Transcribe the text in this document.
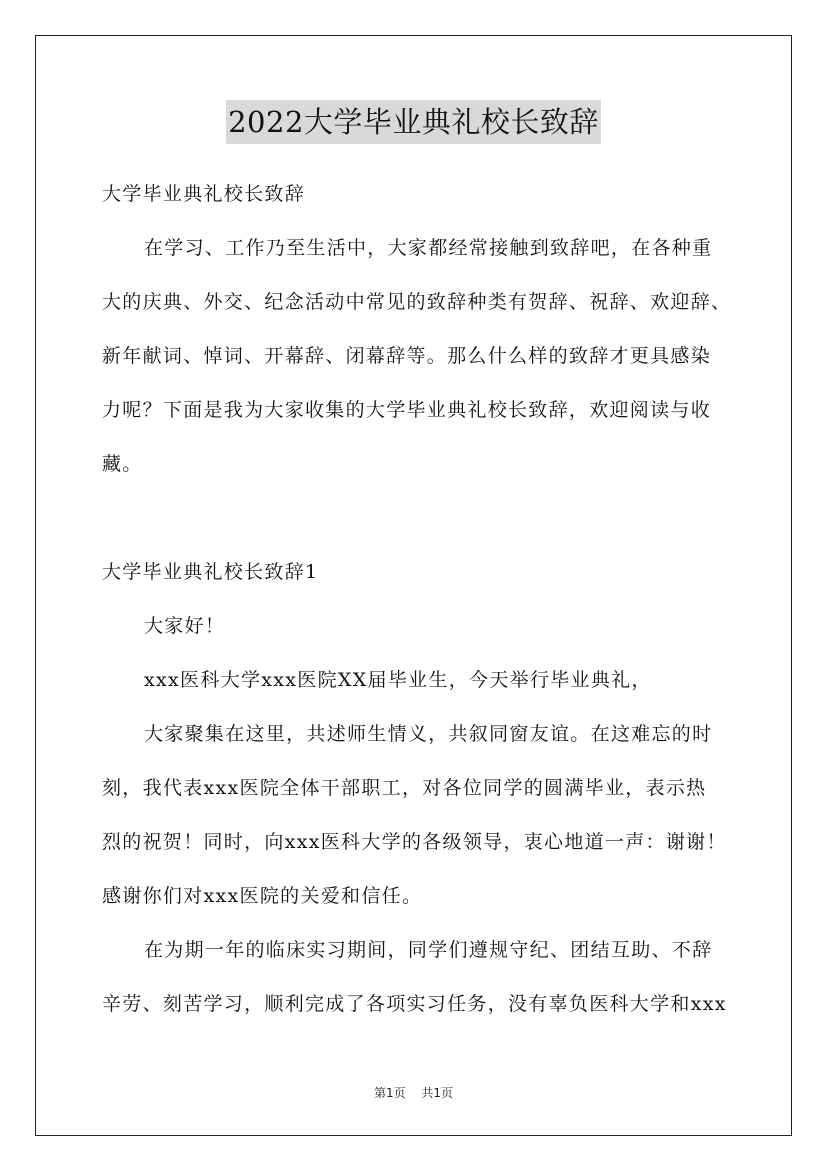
2022大学毕业典礼校长致辞
大学毕业典礼校长致辞
在学习、工作乃至生活中，大家都经常接触到致辞吧，在各种重
大的庆典、外交、纪念活动中常见的致辞种类有贺辞、祝辞、欢迎辞、
新年献词、悼词、开幕辞、闭幕辞等。那么什么样的致辞才更具感染
力呢？下面是我为大家收集的大学毕业典礼校长致辞，欢迎阅读与收
藏。
大学毕业典礼校长致辞1
大家好！
xxx医科大学xxx医院XX届毕业生，今天举行毕业典礼，
大家聚集在这里，共述师生情义，共叙同窗友谊。在这难忘的时
刻，我代表xxx医院全体干部职工，对各位同学的圆满毕业，表示热
烈的祝贺！同时，向xxx医科大学的各级领导，衷心地道一声：谢谢！
感谢你们对xxx医院的关爱和信任。
在为期一年的临床实习期间，同学们遵规守纪、团结互助、不辞
辛劳、刻苦学习，顺利完成了各项实习任务，没有辜负医科大学和xxx
第1页 共1页
